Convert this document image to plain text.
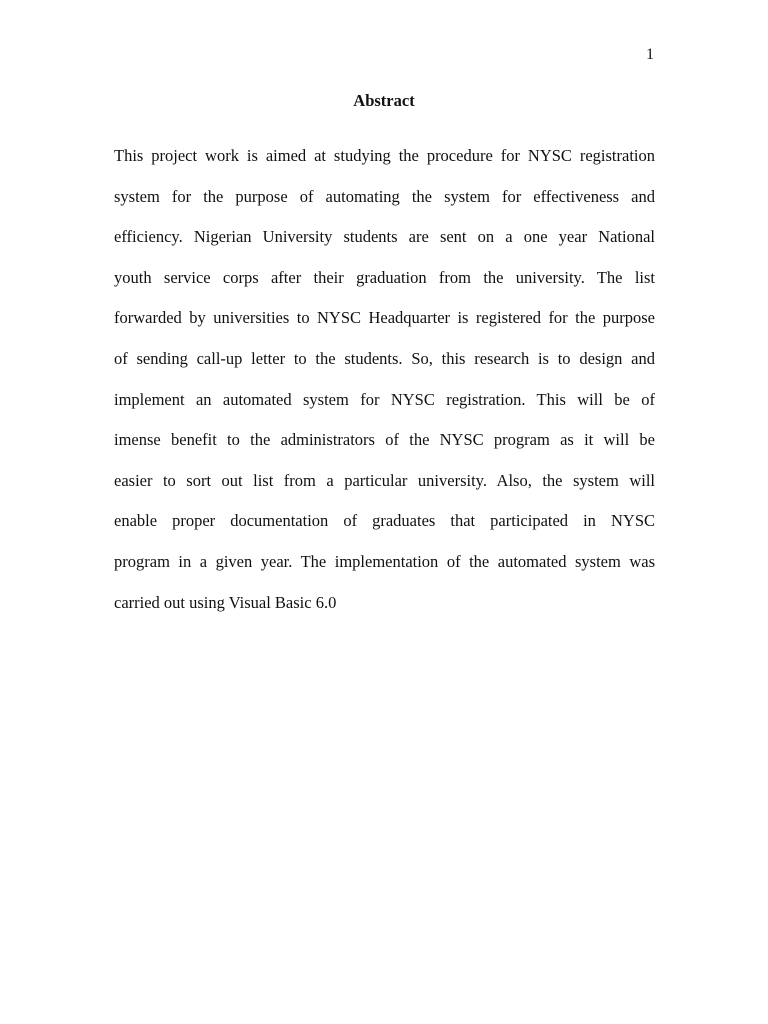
1
Abstract
This project work is aimed at studying the procedure for NYSC registration
system for the purpose of automating the system for effectiveness and
efficiency. Nigerian University students are sent on a one year National
youth service corps after their graduation from the university. The list
forwarded by universities to NYSC Headquarter is registered for the purpose
of sending call-up letter to the students. So, this research is to design and
implement an automated system for NYSC registration. This will be of
imense benefit to the administrators of the NYSC program as it will be
easier to sort out list from a particular university. Also, the system will
enable proper documentation of graduates that participated in NYSC
program in a given year. The implementation of the automated system was
carried out using Visual Basic 6.0
